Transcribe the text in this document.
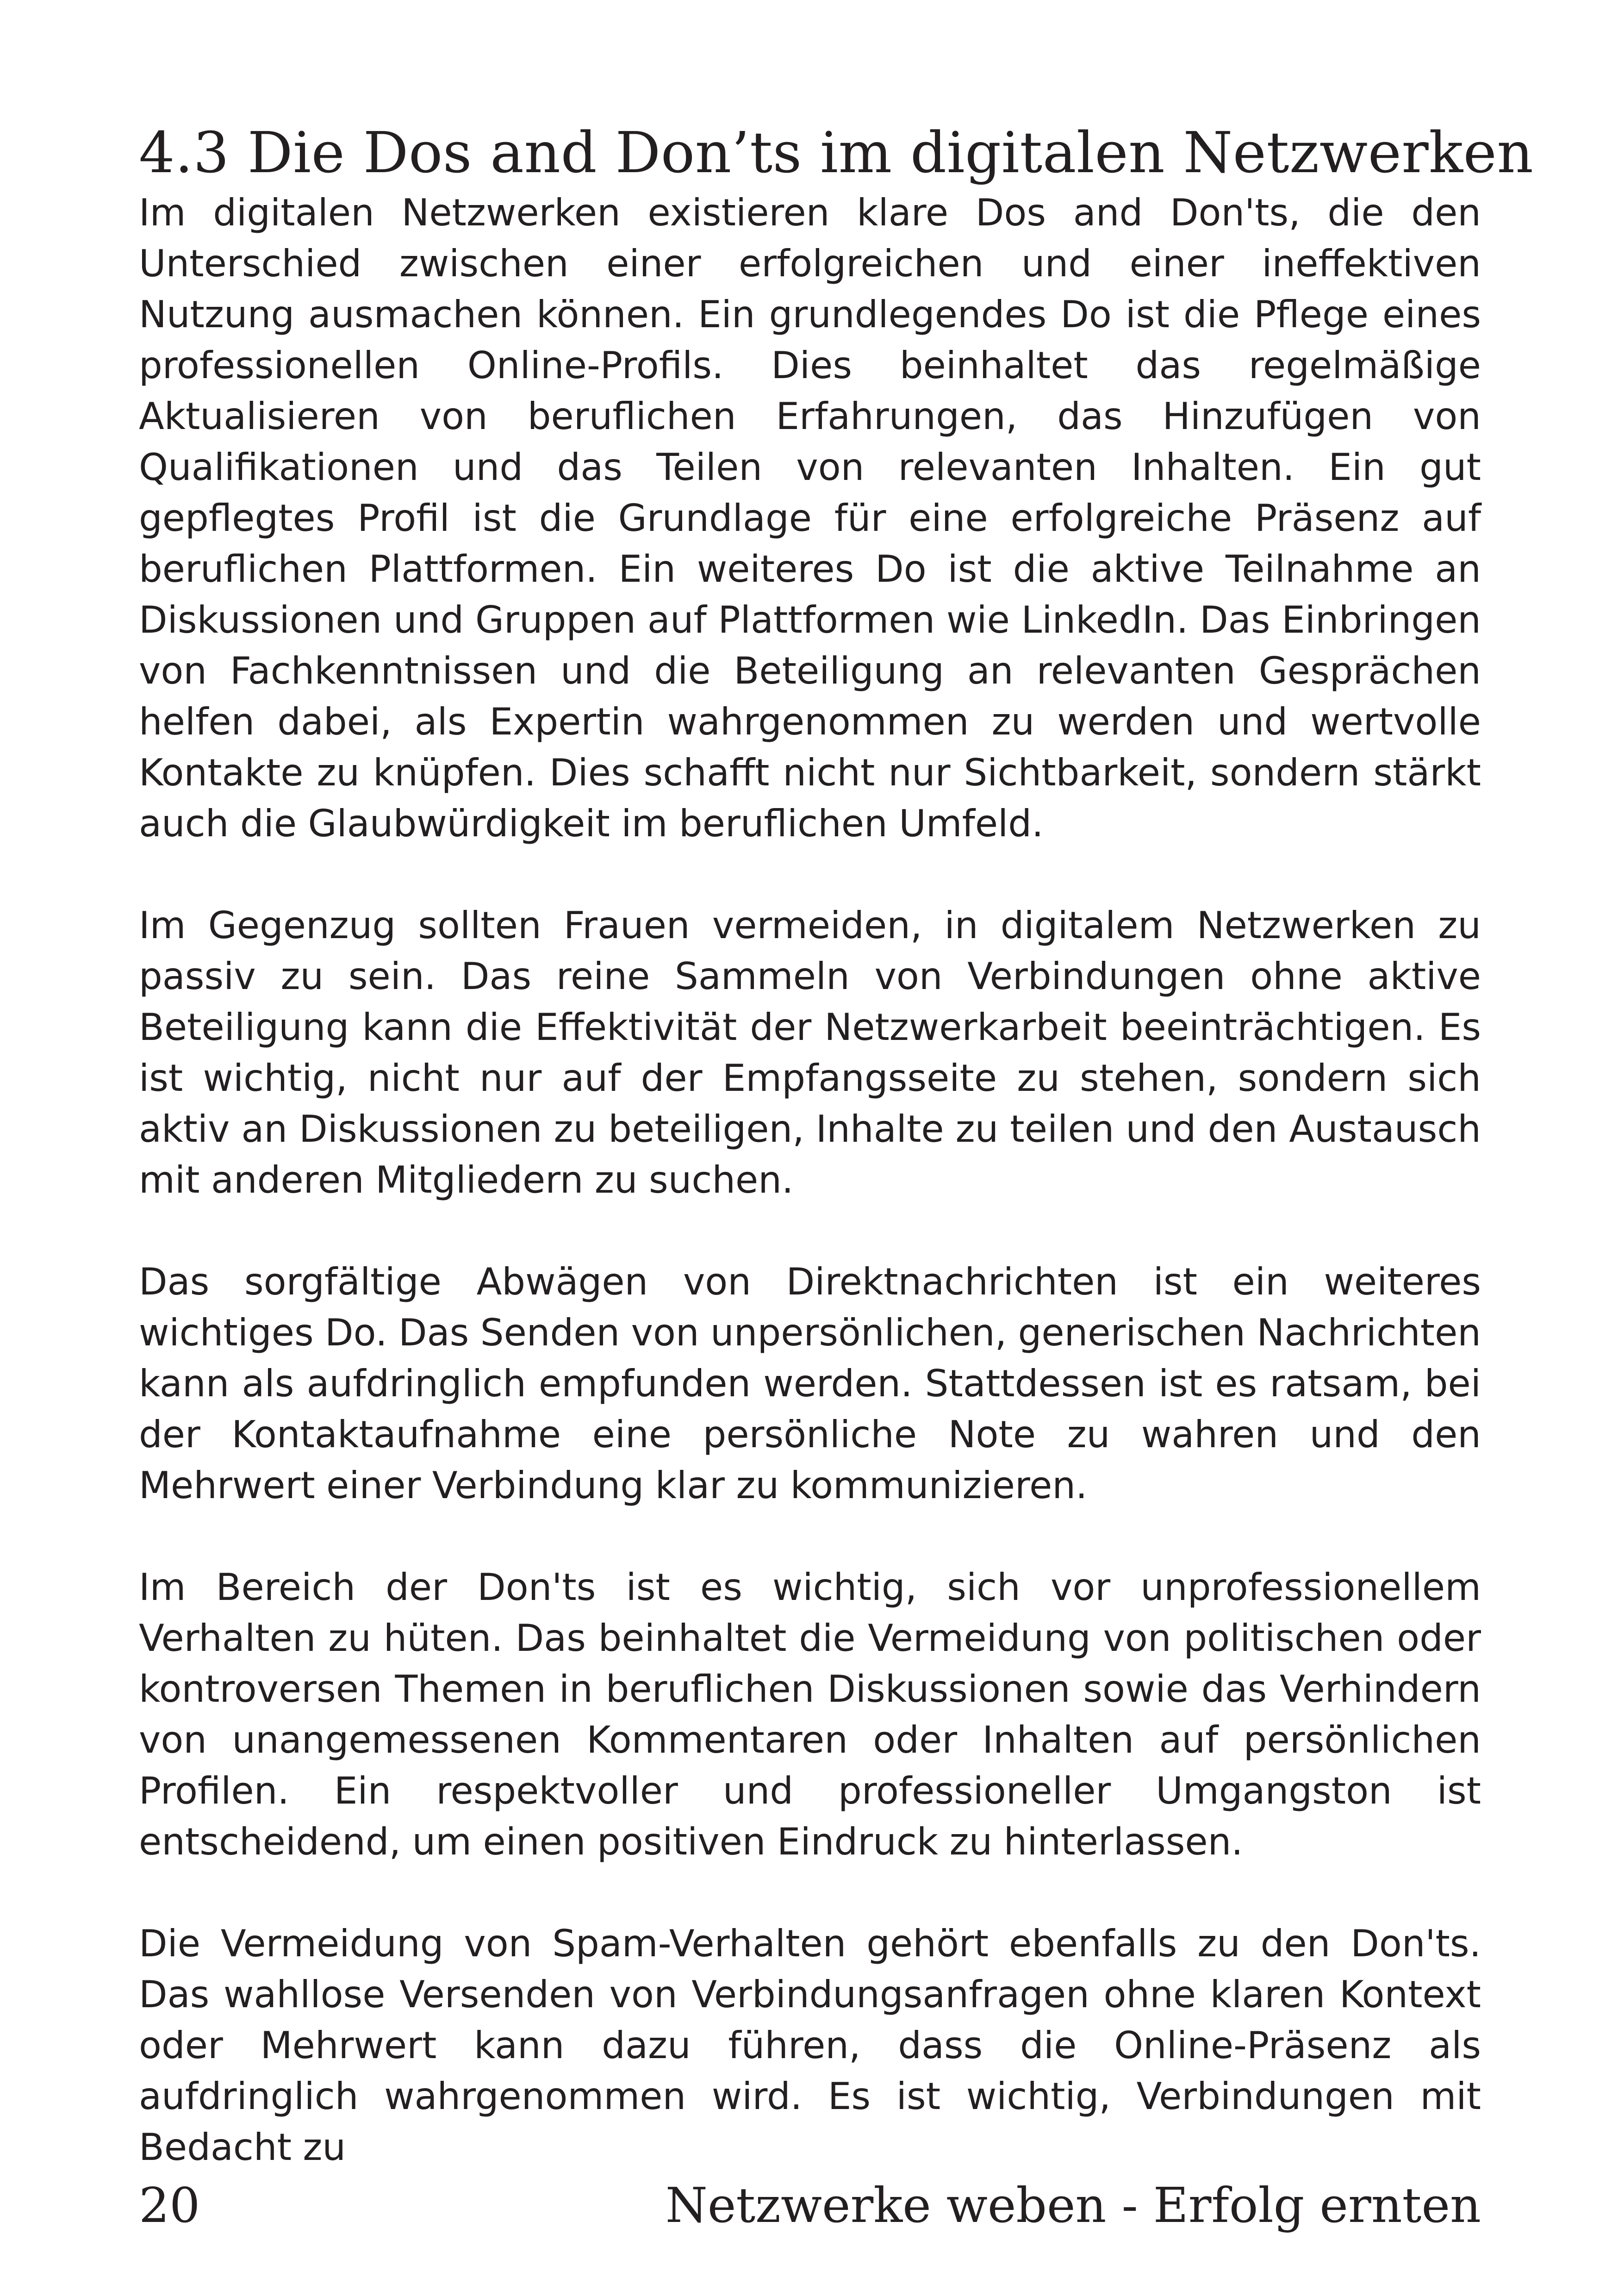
4.3 Die Dos and Don’ts im digitalen Netzwerken

Im digitalen Netzwerken existieren klare Dos and Don'ts, die den Unterschied zwischen einer erfolgreichen und einer ineffektiven Nutzung ausmachen können. Ein grundlegendes Do ist die Pflege eines professionellen Online-Profils. Dies beinhaltet das regelmäßige Aktualisieren von beruflichen Erfahrungen, das Hinzufügen von Qualifikationen und das Teilen von relevanten Inhalten. Ein gut gepflegtes Profil ist die Grundlage für eine erfolgreiche Präsenz auf beruflichen Plattformen. Ein weiteres Do ist die aktive Teilnahme an Diskussionen und Gruppen auf Plattformen wie LinkedIn. Das Einbringen von Fachkenntnissen und die Beteiligung an relevanten Gesprächen helfen dabei, als Expertin wahrgenommen zu werden und wertvolle Kontakte zu knüpfen. Dies schafft nicht nur Sichtbarkeit, sondern stärkt auch die Glaubwürdigkeit im beruflichen Umfeld.

Im Gegenzug sollten Frauen vermeiden, in digitalem Netzwerken zu passiv zu sein. Das reine Sammeln von Verbindungen ohne aktive Beteiligung kann die Effektivität der Netzwerkarbeit beeinträchtigen. Es ist wichtig, nicht nur auf der Empfangsseite zu stehen, sondern sich aktiv an Diskussionen zu beteiligen, Inhalte zu teilen und den Austausch mit anderen Mitgliedern zu suchen.

Das sorgfältige Abwägen von Direktnachrichten ist ein weiteres wichtiges Do. Das Senden von unpersönlichen, generischen Nachrichten kann als aufdringlich empfunden werden. Stattdessen ist es ratsam, bei der Kontaktaufnahme eine persönliche Note zu wahren und den Mehrwert einer Verbindung klar zu kommunizieren.

Im Bereich der Don'ts ist es wichtig, sich vor unprofessionellem Verhalten zu hüten. Das beinhaltet die Vermeidung von politischen oder kontroversen Themen in beruflichen Diskussionen sowie das Verhindern von unangemessenen Kommentaren oder Inhalten auf persönlichen Profilen. Ein respektvoller und professioneller Umgangston ist entscheidend, um einen positiven Eindruck zu hinterlassen.

Die Vermeidung von Spam-Verhalten gehört ebenfalls zu den Don'ts. Das wahllose Versenden von Verbindungsanfragen ohne klaren Kontext oder Mehrwert kann dazu führen, dass die Online-Präsenz als aufdringlich wahrgenommen wird. Es ist wichtig, Verbindungen mit Bedacht zu

20	Netzwerke weben - Erfolg ernten
